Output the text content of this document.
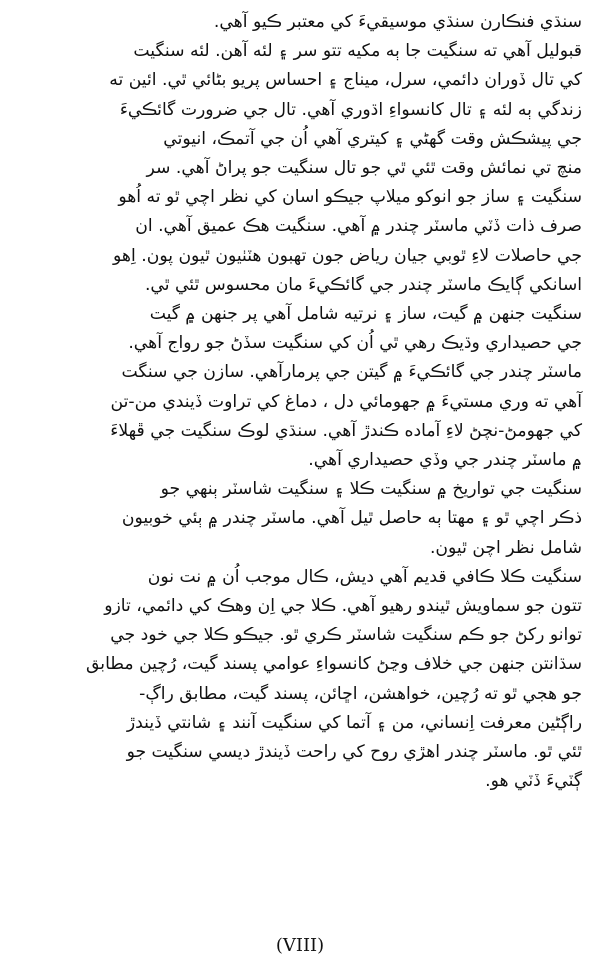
سنڌي فنڪارن سنڌي موسيقيءَ کي معتبر ڪيو آهي.

قبوليل آهي ته سنگيت جا ٻه مکيه تتو سر ۽ لئه آهن. لئه سنگيت
کي تال ڏوران دائمي، سرل، ميناج ۽ احساس پريو بڻائي ٿي. ائين ته
زندگي ٻه لئه ۽ تال کانسواءِ اڌوري آهي. تال جي ضرورت گائڪيءَ
جي پيشڪش وقت گهڻي ۽ کيتري آهي اُن جي آتمڪ، انيوتي
منچ تي نمائش وقت ٿئي ٿي جو تال سنگيت جو پراڻ آهي. سر
سنگيت ۽ ساز جو انوکو ميلاپ جيڪو اسان کي نظر اچي ٿو ته اُهو
صرف ذات ڏٽي ماسٽر چندر ۾ آهي. سنگيت هڪ عميق آهي. ان
جي حاصلات لاءِ ٿوبي جيان رياض جون تهبون هٽٺيون ٿيون پون. اِهو
اسانکي ڳايڪ ماسٽر چندر جي گائڪيءَ مان محسوس ٿئي ٿي.

سنگيت جنهن ۾ گيت، ساز ۽ نرتيه شامل آهي پر جنهن ۾ گيت
جي حصيداري وڌيڪ رهي ٿي اُن کي سنگيت سڏڻ جو رواج آهي.
ماسٽر چندر جي گائڪيءَ ۾ گيتن جي پرمارآهي. سازن جي سنگت
آهي ته وري مستيءَ ۾ جهومائي دل ، دماغ کي تراوت ڏيندي من-تن
کي جهومڻ-نچڻ لاءِ آماده ڪندڙ آهي. سنڌي لوڪ سنگيت جي ڦهلاءَ
۾ ماسٽر چندر جي وڏي حصيداري آهي.

سنگيت جي تواريخ ۾ سنگيت ڪلا ۽ سنگيت شاسٽر ٻنهي جو
ذڪر اچي ٿو ۽ مهتا ٻه حاصل ٿيل آهي. ماسٽر چندر ۾ ٻئي خوبيون
شامل نظر اچن ٿيون.

سنگيت ڪلا ڪافي قديم آهي ديش، ڪال موجب اُن ۾ نت نون
تتون جو سماويش ٿيندو رهيو آهي. ڪلا جي اِن وهڪ کي دائمي، تازو
توانو رکڻ جو ڪم سنگيت شاسٽر ڪري ٿو. جيڪو ڪلا جي خود جي
سڌانتن جنهن جي خلاف وڃڻ کانسواءِ عوامي پسند گيت، رُچين مطابق
جو هجي ٿو ته رُچين، خواهشن، اڇائن، پسند گيت، مطابق راڳ-
راڳڻين معرفت اِنساني، من ۽ آتما کي سنگيت آنند ۽ شانتي ڏيندڙ
ٿئي ٿو. ماسٽر چندر اهڙي روح کي راحت ڏيندڙ ديسي سنگيت جو
ڳٽيءَ ڏٽي هو.

(VIII)
